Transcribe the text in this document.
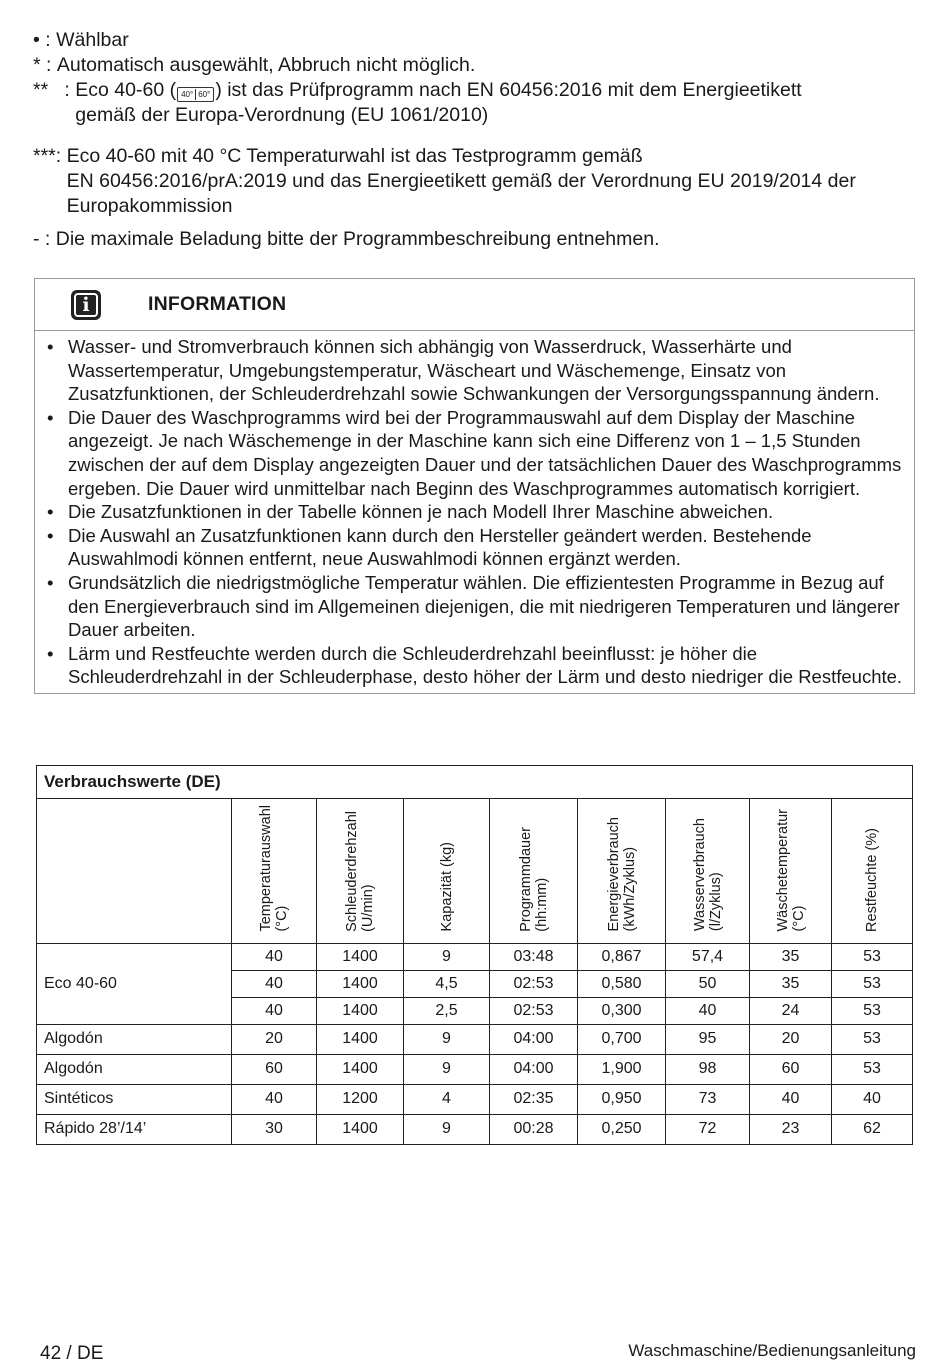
• : Wählbar

* : Automatisch ausgewählt, Abbruch nicht möglich.

**   : Eco 40-60 ( 40° 60° ) ist das Prüfprogramm nach EN 60456:2016 mit dem Energieetikett
gemäß der Europa-Verordnung (EU 1061/2010)

***: Eco 40-60 mit 40 °C Temperaturwahl ist das Testprogramm gemäß
EN 60456:2016/prA:2019 und das Energieetikett gemäß der Verordnung EU 2019/2014 der
Europakommission

- : Die maximale Beladung bitte der Programmbeschreibung entnehmen.

i	INFORMATION
• Wasser- und Stromverbrauch können sich abhängig von Wasserdruck, Wasserhärte und Wassertemperatur, Umgebungstemperatur, Wäscheart und Wäschemenge, Einsatz von Zusatzfunktionen, der Schleuderdrehzahl sowie Schwankungen der Versorgungsspannung ändern.
• Die Dauer des Waschprogramms wird bei der Programmauswahl auf dem Display der Maschine angezeigt. Je nach Wäschemenge in der Maschine kann sich eine Differenz von 1 – 1,5 Stunden zwischen der auf dem Display angezeigten Dauer und der tatsächlichen Dauer des Waschprogramms ergeben. Die Dauer wird unmittelbar nach Beginn des Waschprogrammes automatisch korrigiert.
• Die Zusatzfunktionen in der Tabelle können je nach Modell Ihrer Maschine abweichen.
• Die Auswahl an Zusatzfunktionen kann durch den Hersteller geändert werden. Bestehende Auswahlmodi können entfernt, neue Auswahlmodi können ergänzt werden.
• Grundsätzlich die niedrigstmögliche Temperatur wählen. Die effizientesten Programme in Bezug auf den Energieverbrauch sind im Allgemeinen diejenigen, die mit niedrigeren Temperaturen und längerer Dauer arbeiten.
• Lärm und Restfeuchte werden durch die Schleuderdrehzahl beeinflusst: je höher die Schleuderdrehzahl in der Schleuderphase, desto höher der Lärm und desto niedriger die Restfeuchte.
Verbrauchswerte (DE)								
	Temperaturauswahl
(°C)	Schleuderdrehzahl
(U/min)	Kapazität (kg)	Programmdauer
(hh:mm)	Energieverbrauch
(kWh/Zyklus)	Wasserverbrauch
(l/Zyklus)	Wäschetemperatur
(°C)	Restfeuchte (%)
Eco 40-60	40	1400	9	03:48	0,867	57,4	35	53
	40	1400	4,5	02:53	0,580	50	35	53
	40	1400	2,5	02:53	0,300	40	24	53
Algodón	20	1400	9	04:00	0,700	95	20	53
Algodón	60	1400	9	04:00	1,900	98	60	53
Sintéticos	40	1200	4	02:35	0,950	73	40	40
Rápido 28’/14’	30	1400	9	00:28	0,250	72	23	62
42 / DE	Waschmaschine/Bedienungsanleitung
